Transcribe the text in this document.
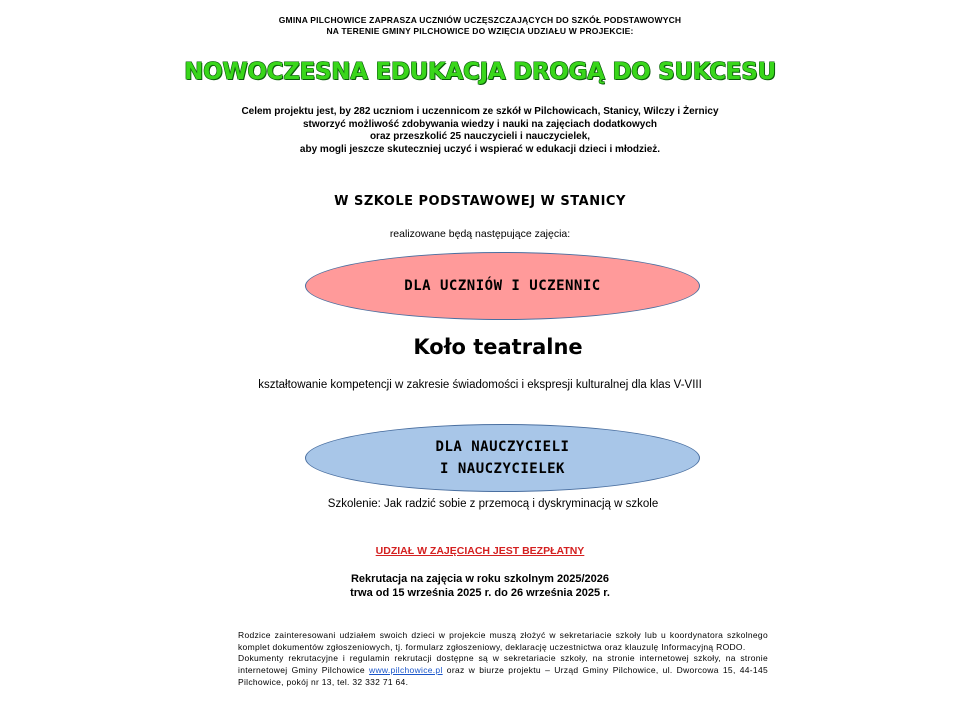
GMINA PILCHOWICE ZAPRASZA UCZNIÓW UCZĘSZCZAJĄCYCH DO SZKÓŁ PODSTAWOWYCH
NA TERENIE GMINY PILCHOWICE DO WZIĘCIA UDZIAŁU W PROJEKCIE:
NOWOCZESNA EDUKACJA DROGĄ DO SUKCESU
Celem projektu jest, by 282 uczniom i uczennicom ze szkół w Pilchowicach, Stanicy, Wilczy i Żernicy
stworzyć możliwość zdobywania wiedzy i nauki na zajęciach dodatkowych
oraz przeszkolić 25 nauczycieli i nauczycielek,
aby mogli jeszcze skuteczniej uczyć i wspierać w edukacji dzieci i młodzież.
W SZKOLE PODSTAWOWEJ W STANICY
realizowane będą następujące zajęcia:
DLA UCZNIÓW I UCZENNIC
Koło teatralne
kształtowanie kompetencji w zakresie świadomości i ekspresji kulturalnej dla klas V-VIII
DLA NAUCZYCIELI
I NAUCZYCIELEK
Szkolenie: Jak radzić sobie z przemocą i dyskryminacją w szkole
UDZIAŁ W ZAJĘCIACH JEST BEZPŁATNY
Rekrutacja na zajęcia w roku szkolnym 2025/2026
trwa od 15 września 2025 r. do 26 września 2025 r.

Rodzice zainteresowani udziałem swoich dzieci w projekcie muszą złożyć w sekretariacie szkoły lub u koordynatora szkolnego komplet dokumentów zgłoszeniowych, tj. formularz zgłoszeniowy, deklarację uczestnictwa oraz klauzulę Informacyjną RODO.

Dokumenty rekrutacyjne i regulamin rekrutacji dostępne są w sekretariacie szkoły, na stronie internetowej szkoły, na stronie internetowej Gminy Pilchowice www.pilchowice.pl oraz w biurze projektu – Urząd Gminy Pilchowice, ul. Dworcowa 15, 44-145 Pilchowice, pokój nr 13, tel. 32 332 71 64.
